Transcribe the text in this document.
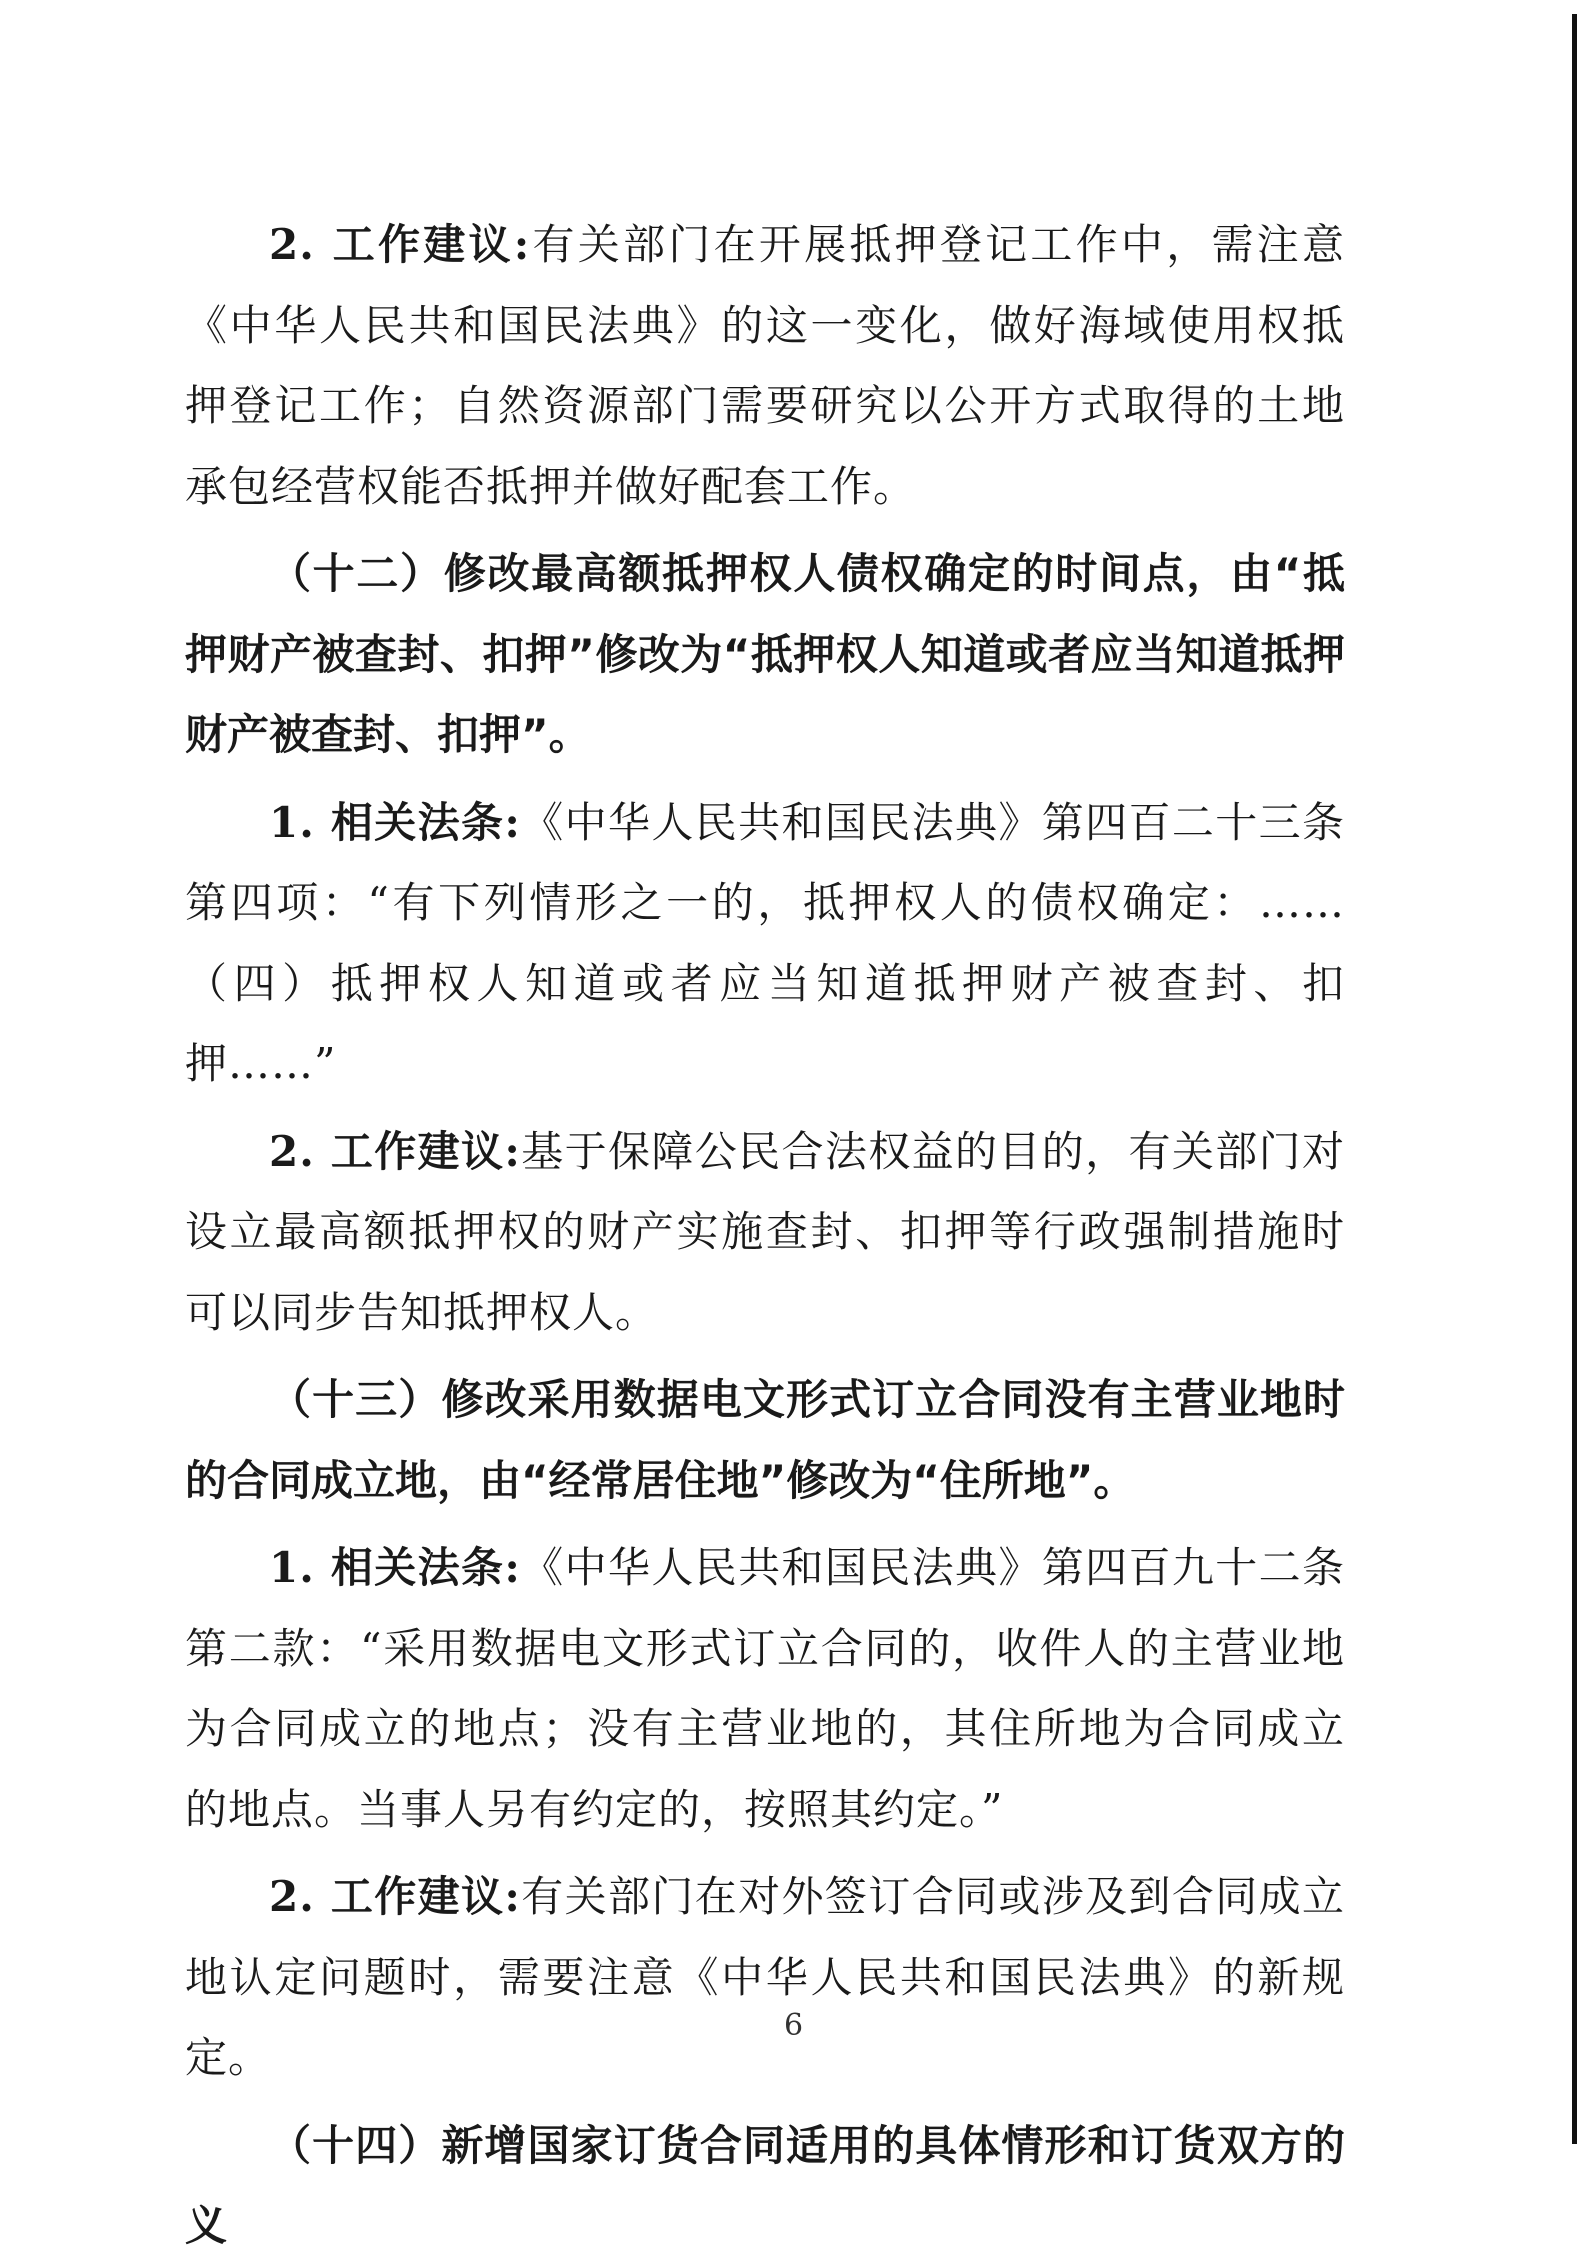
2. 工作建议:有关部门在开展抵押登记工作中，需注意《中华人民共和国民法典》的这一变化，做好海域使用权抵押登记工作；自然资源部门需要研究以公开方式取得的土地承包经营权能否抵押并做好配套工作。

（十二）修改最高额抵押权人债权确定的时间点，由“抵押财产被查封、扣押”修改为“抵押权人知道或者应当知道抵押财产被查封、扣押”。

1. 相关法条:《中华人民共和国民法典》第四百二十三条第四项：“有下列情形之一的，抵押权人的债权确定：……（四）抵押权人知道或者应当知道抵押财产被查封、扣押……”

2. 工作建议:基于保障公民合法权益的目的，有关部门对设立最高额抵押权的财产实施查封、扣押等行政强制措施时可以同步告知抵押权人。

（十三）修改采用数据电文形式订立合同没有主营业地时的合同成立地，由“经常居住地”修改为“住所地”。

1. 相关法条:《中华人民共和国民法典》第四百九十二条第二款：“采用数据电文形式订立合同的，收件人的主营业地为合同成立的地点；没有主营业地的，其住所地为合同成立的地点。当事人另有约定的，按照其约定。”

2. 工作建议:有关部门在对外签订合同或涉及到合同成立地认定问题时，需要注意《中华人民共和国民法典》的新规定。

（十四）新增国家订货合同适用的具体情形和订货双方的义

6
